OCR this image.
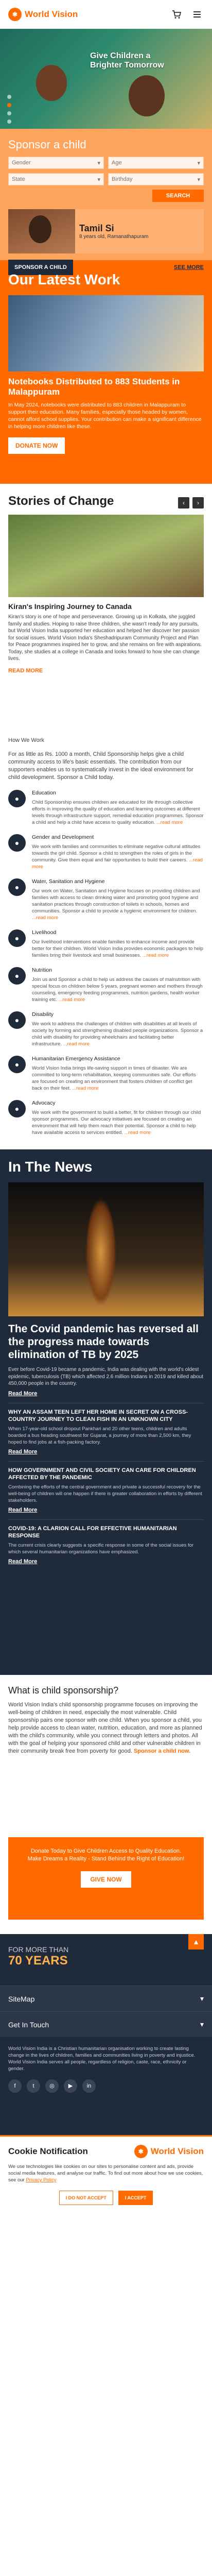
✱ World Vision
Give Children a Brighter Tomorrow
Sponsor a child
Gender	▾ Age	▾
State	▾ Birthday	▾
SEARCH
Tamil Si
8 years old, Ramanathapuram
SPONSOR A CHILD	SEE MORE
Our Latest Work
Notebooks Distributed to 883 Students in Malappuram

In May 2024, notebooks were distributed to 883 children in Malappuram to support their education. Many families, especially those headed by women, cannot afford school supplies. Your contribution can make a significant difference in helping more children like these.

DONATE NOW
Stories of Change	‹	›
Kiran's Inspiring Journey to Canada

Kiran's story is one of hope and perseverance. Growing up in Kolkata, she juggled family and studies. Hoping to raise three children, she wasn't ready for any pursuits, but World Vision India supported her education and helped her discover her passion for social issues. World Vision India's Sheshadripuram Community Project and Plan for Peace programmes inspired her to grow, and she remains on fire with aspirations. Today, she studies at a college in Canada and looks forward to how she can change lives.

READ MORE
How We Work

For as little as Rs. 1000 a month, Child Sponsorship helps give a child community access to life's basic essentials. The contribution from our supporters enables us to systematically invest in the ideal environment for child development. Sponsor a Child today.

●
Education

Child Sponsorship ensures children are educated for life through collective efforts in improving the quality of education and learning outcomes at different levels through infrastructure support, remedial education programmes. Sponsor a child and help a child have access to quality education. ...read more

●
Gender and Development

We work with families and communities to eliminate negative cultural attitudes towards the girl child. Sponsor a child to strengthen the roles of girls in the community. Give them equal and fair opportunities to build their careers. ...read more

●
Water, Sanitation and Hygiene

Our work on Water, Sanitation and Hygiene focuses on providing children and families with access to clean drinking water and promoting good hygiene and sanitation practices through construction of toilets in schools, homes and communities. Sponsor a child to provide a hygienic environment for children. ...read more

●
Livelihood

Our livelihood interventions enable families to enhance income and provide better for their children. World Vision India provides economic packages to help families bring their livestock and small businesses. ...read more

●
Nutrition

Join us and Sponsor a child to help us address the causes of malnutrition with special focus on children below 5 years, pregnant women and mothers through counseling, emergency feeding programmes, nutrition gardens, health worker training etc. ...read more

●
Disability

We work to address the challenges of children with disabilities at all levels of society by forming and strengthening disabled people organizations. Sponsor a child with disability for providing wheelchairs and facilitating better infrastructure. ...read more

●
Humanitarian Emergency Assistance

World Vision India brings life-saving support in times of disaster. We are committed to long-term rehabilitation, keeping communities safe. Our efforts are focused on creating an environment that fosters children of conflict get back on their feet. ...read more

●
Advocacy

We work with the government to build a better, fit for children through our child sponsor programmes. Our advocacy initiatives are focused on creating an environment that will help them reach their potential. Sponsor a child to help have available access to services entitled. ...read more

In The News
The Covid pandemic has reversed all the progress made towards elimination of TB by 2025

Ever before Covid-19 became a pandemic, India was dealing with the world's oldest epidemic, tuberculosis (TB) which affected 2.6 million Indians in 2019 and killed about 450,000 people in the country.

Read More
WHY AN ASSAM TEEN LEFT HER HOME IN SECRET ON A CROSS-COUNTRY JOURNEY TO CLEAN FISH IN AN UNKNOWN CITY

When 17-year-old school dropout Pankhari and 20 other teens, children and adults boarded a bus heading southwest for Gujarat, a journey of more than 2,500 km, they hoped to find jobs at a fish-packing factory.

Read More
HOW GOVERNMENT AND CIVIL SOCIETY CAN CARE FOR CHILDREN AFFECTED BY THE PANDEMIC

Combining the efforts of the central government and private a successful recovery for the well-being of children will one happen if there is greater collaboration in efforts by different stakeholders.

Read More
COVID-19: A CLARION CALL FOR EFFECTIVE HUMANITARIAN RESPONSE

The current crisis clearly suggests a specific response in some of the social issues for which several humanitarian organizations have emphasized.

Read More
What is child sponsorship?

World Vision India's child sponsorship programme focuses on improving the well-being of children in need, especially the most vulnerable. Child sponsorship pairs one sponsor with one child. When you sponsor a child, you help provide access to clean water, nutrition, education, and more as planned with the child's community, while you connect through letters and photos. All with the goal of helping your sponsored child and other vulnerable children in their community break free from poverty for good. Sponsor a child now.

Donate Today to Give Children Access to Quality Education. Make Dreams a Reality - Stand Behind the Right of Education!

GIVE NOW
FOR MORE THAN
70 YEARS
▲
SiteMap	▾
Get In Touch	▾

World Vision India is a Christian humanitarian organisation working to create lasting change in the lives of children, families and communities living in poverty and injustice. World Vision India serves all people, regardless of religion, caste, race, ethnicity or gender.

f	t	◎	▶	in
Cookie Notification	✱ World Vision

We use technologies like cookies on our sites to personalise content and ads, provide social media features, and analyse our traffic. To find out more about how we use cookies, see our Privacy Policy

I DO NOT ACCEPT	I ACCEPT
